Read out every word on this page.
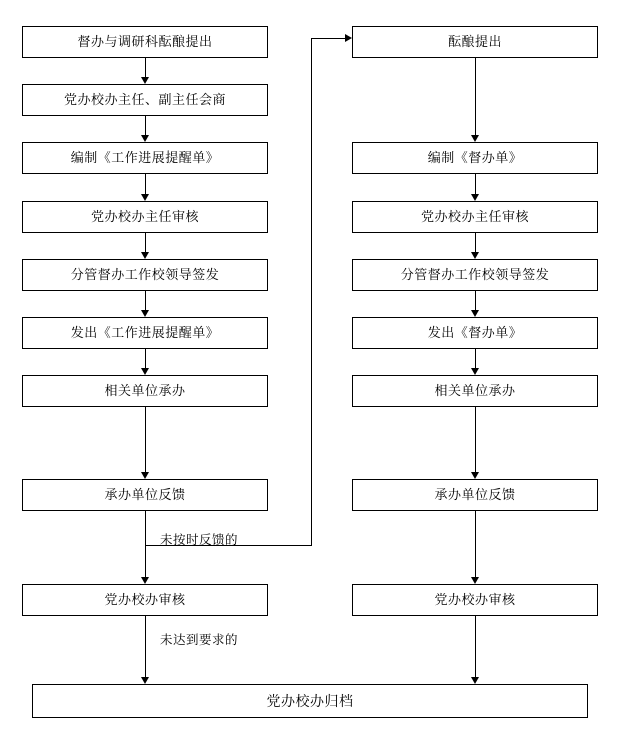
督办与调研科酝酿提出
党办校办主任、副主任会商
编制《工作进展提醒单》
党办校办主任审核
分管督办工作校领导签发
发出《工作进展提醒单》
相关单位承办
承办单位反馈
党办校办审核
酝酿提出
编制《督办单》
党办校办主任审核
分管督办工作校领导签发
发出《督办单》
相关单位承办
承办单位反馈
党办校办审核
党办校办归档
未按时反馈的
未达到要求的
